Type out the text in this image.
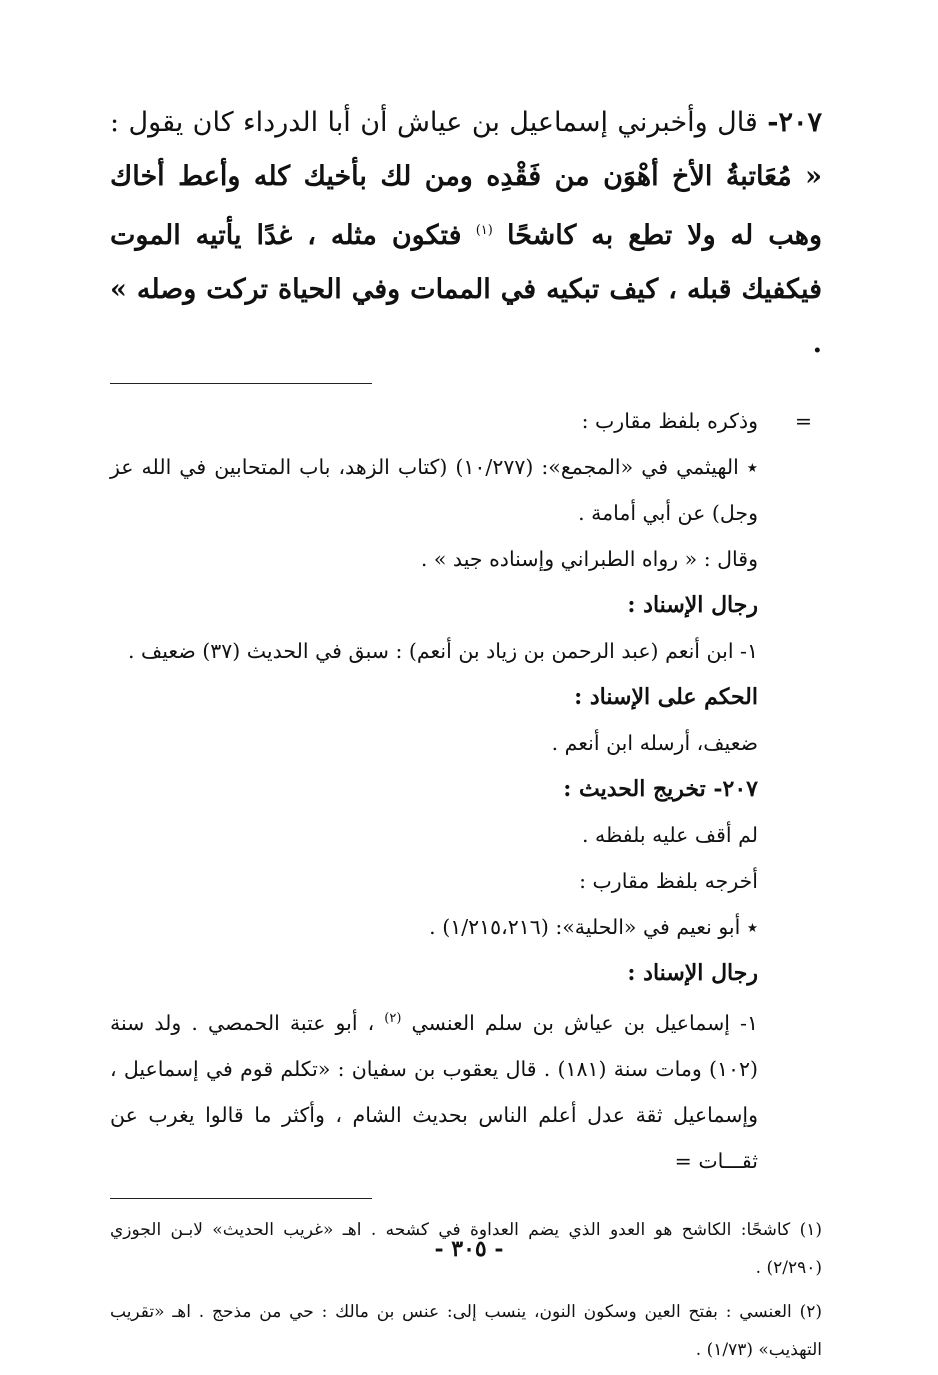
٢٠٧- قال وأخبرني إسماعيل بن عياش أن أبا الدرداء كان يقول : « مُعَاتبةُ الأخ أهْوَن من فَقْدِه ومن لك بأخيك كله وأعط أخاك وهب له ولا تطع به كاشحًا $^{(١)}$ فتكون مثله ، غدًا يأتيه الموت فيكفيك قبله ، كيف تبكيه في الممات وفي الحياة تركت وصله » .

=وذكره بلفظ مقارب :

٭ الهيثمي في «المجمع»: (١٠/٢٧٧) (كتاب الزهد، باب المتحابين في الله عز وجل) عن أبي أمامة .

وقال : « رواه الطبراني وإسناده جيد » .

رجال الإسناد :

١- ابن أنعم (عبد الرحمن بن زياد بن أنعم) : سبق في الحديث (٣٧) ضعيف .

الحكم على الإسناد :

ضعيف، أرسله ابن أنعم .

٢٠٧- تخريج الحديث :

لم أقف عليه بلفظه .

أخرجه بلفظ مقارب :

٭ أبو نعيم في «الحلية»: (١/٢١٥،٢١٦) .

رجال الإسناد :

١- إسماعيل بن عياش بن سلم العنسي $^{(٢)}$ ، أبو عتبة الحمصي . ولد سنة (١٠٢) ومات سنة (١٨١) . قال يعقوب بن سفيان : «تكلم قوم في إسماعيل ، وإسماعيل ثقة عدل أعلم الناس بحديث الشام ، وأكثر ما قالوا يغرب عن ثقـــات =

(١) كاشحًا: الكاشح هو العدو الذي يضم العداوة في كشحه . اهـ «غريب الحديث» لابـن الجوزي (٢/٢٩٠) .

(٢) العنسي : بفتح العين وسكون النون، ينسب إلى: عنس بن مالك : حي من مذحج . اهـ «تقريب التهذيب» (١/٧٣) .

- ٣٠٥ -
